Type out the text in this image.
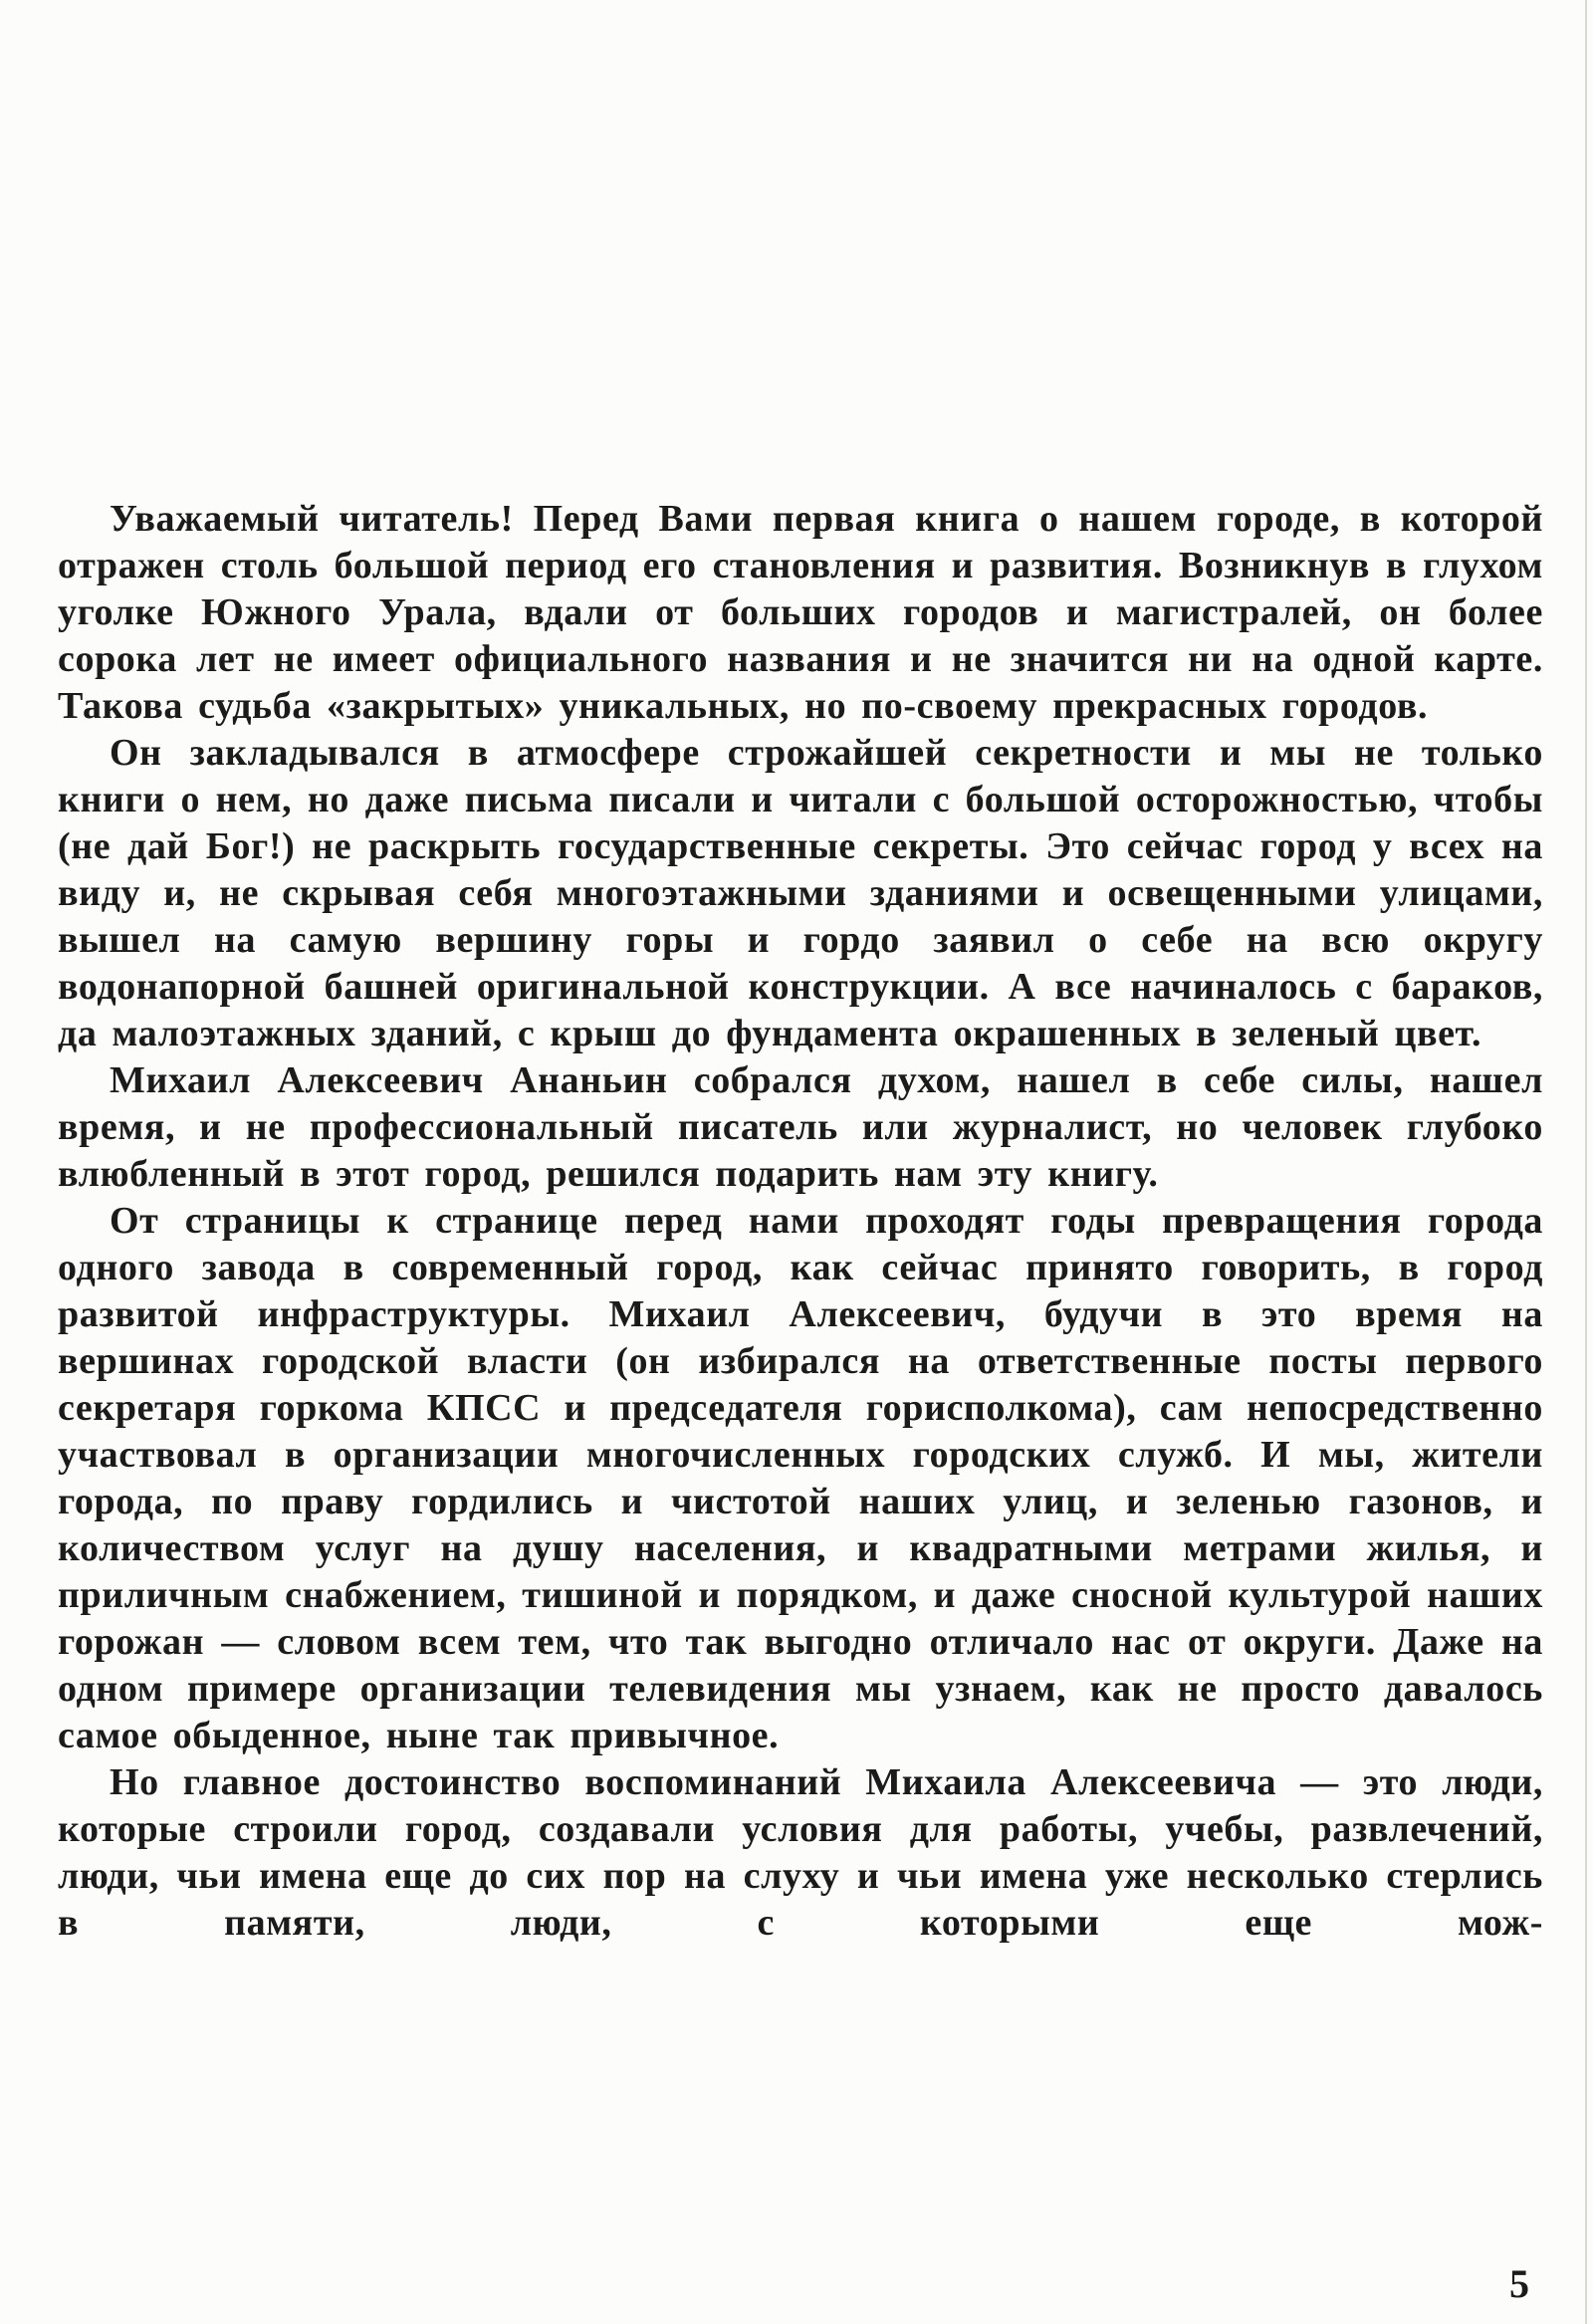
Уважаемый читатель! Перед Вами первая книга о нашем городе, в которой отражен столь большой период его становления и развития. Возникнув в глухом уголке Южного Урала, вдали от больших городов и магистралей, он более сорока лет не имеет официального названия и не значится ни на одной карте. Такова судьба «закрытых» уникальных, но по-своему прекрасных городов.

Он закладывался в атмосфере строжайшей секретности и мы не только книги о нем, но даже письма писали и читали с большой осторожностью, чтобы (не дай Бог!) не раскрыть государственные секреты. Это сейчас город у всех на виду и, не скрывая себя многоэтажными зданиями и освещенными улицами, вышел на самую вершину горы и гордо заявил о себе на всю округу водонапорной башней оригинальной конструкции. А все начиналось с бараков, да малоэтажных зданий, с крыш до фундамента окрашенных в зеленый цвет.

Михаил Алексеевич Ананьин собрался духом, нашел в себе силы, нашел время, и не профессиональный писатель или журналист, но человек глубоко влюбленный в этот город, решился подарить нам эту книгу.

От страницы к странице перед нами проходят годы превращения города одного завода в современный город, как сейчас принято говорить, в город развитой инфраструктуры. Михаил Алексеевич, будучи в это время на вершинах городской власти (он избирался на ответственные посты первого секретаря горкома КПСС и председателя горисполкома), сам непосредственно участвовал в организации многочисленных городских служб. И мы, жители города, по праву гордились и чистотой наших улиц, и зеленью газонов, и количеством услуг на душу населения, и квадратными метрами жилья, и приличным снабжением, тишиной и порядком, и даже сносной культурой наших горожан — словом всем тем, что так выгодно отличало нас от округи. Даже на одном примере организации телевидения мы узнаем, как не просто давалось самое обыденное, ныне так привычное.

Но главное достоинство воспоминаний Михаила Алексеевича — это люди, которые строили город, создавали условия для работы, учебы, развлечений, люди, чьи имена еще до сих пор на слуху и чьи имена уже несколько стерлись в памяти, люди, с которыми еще мож-

5
